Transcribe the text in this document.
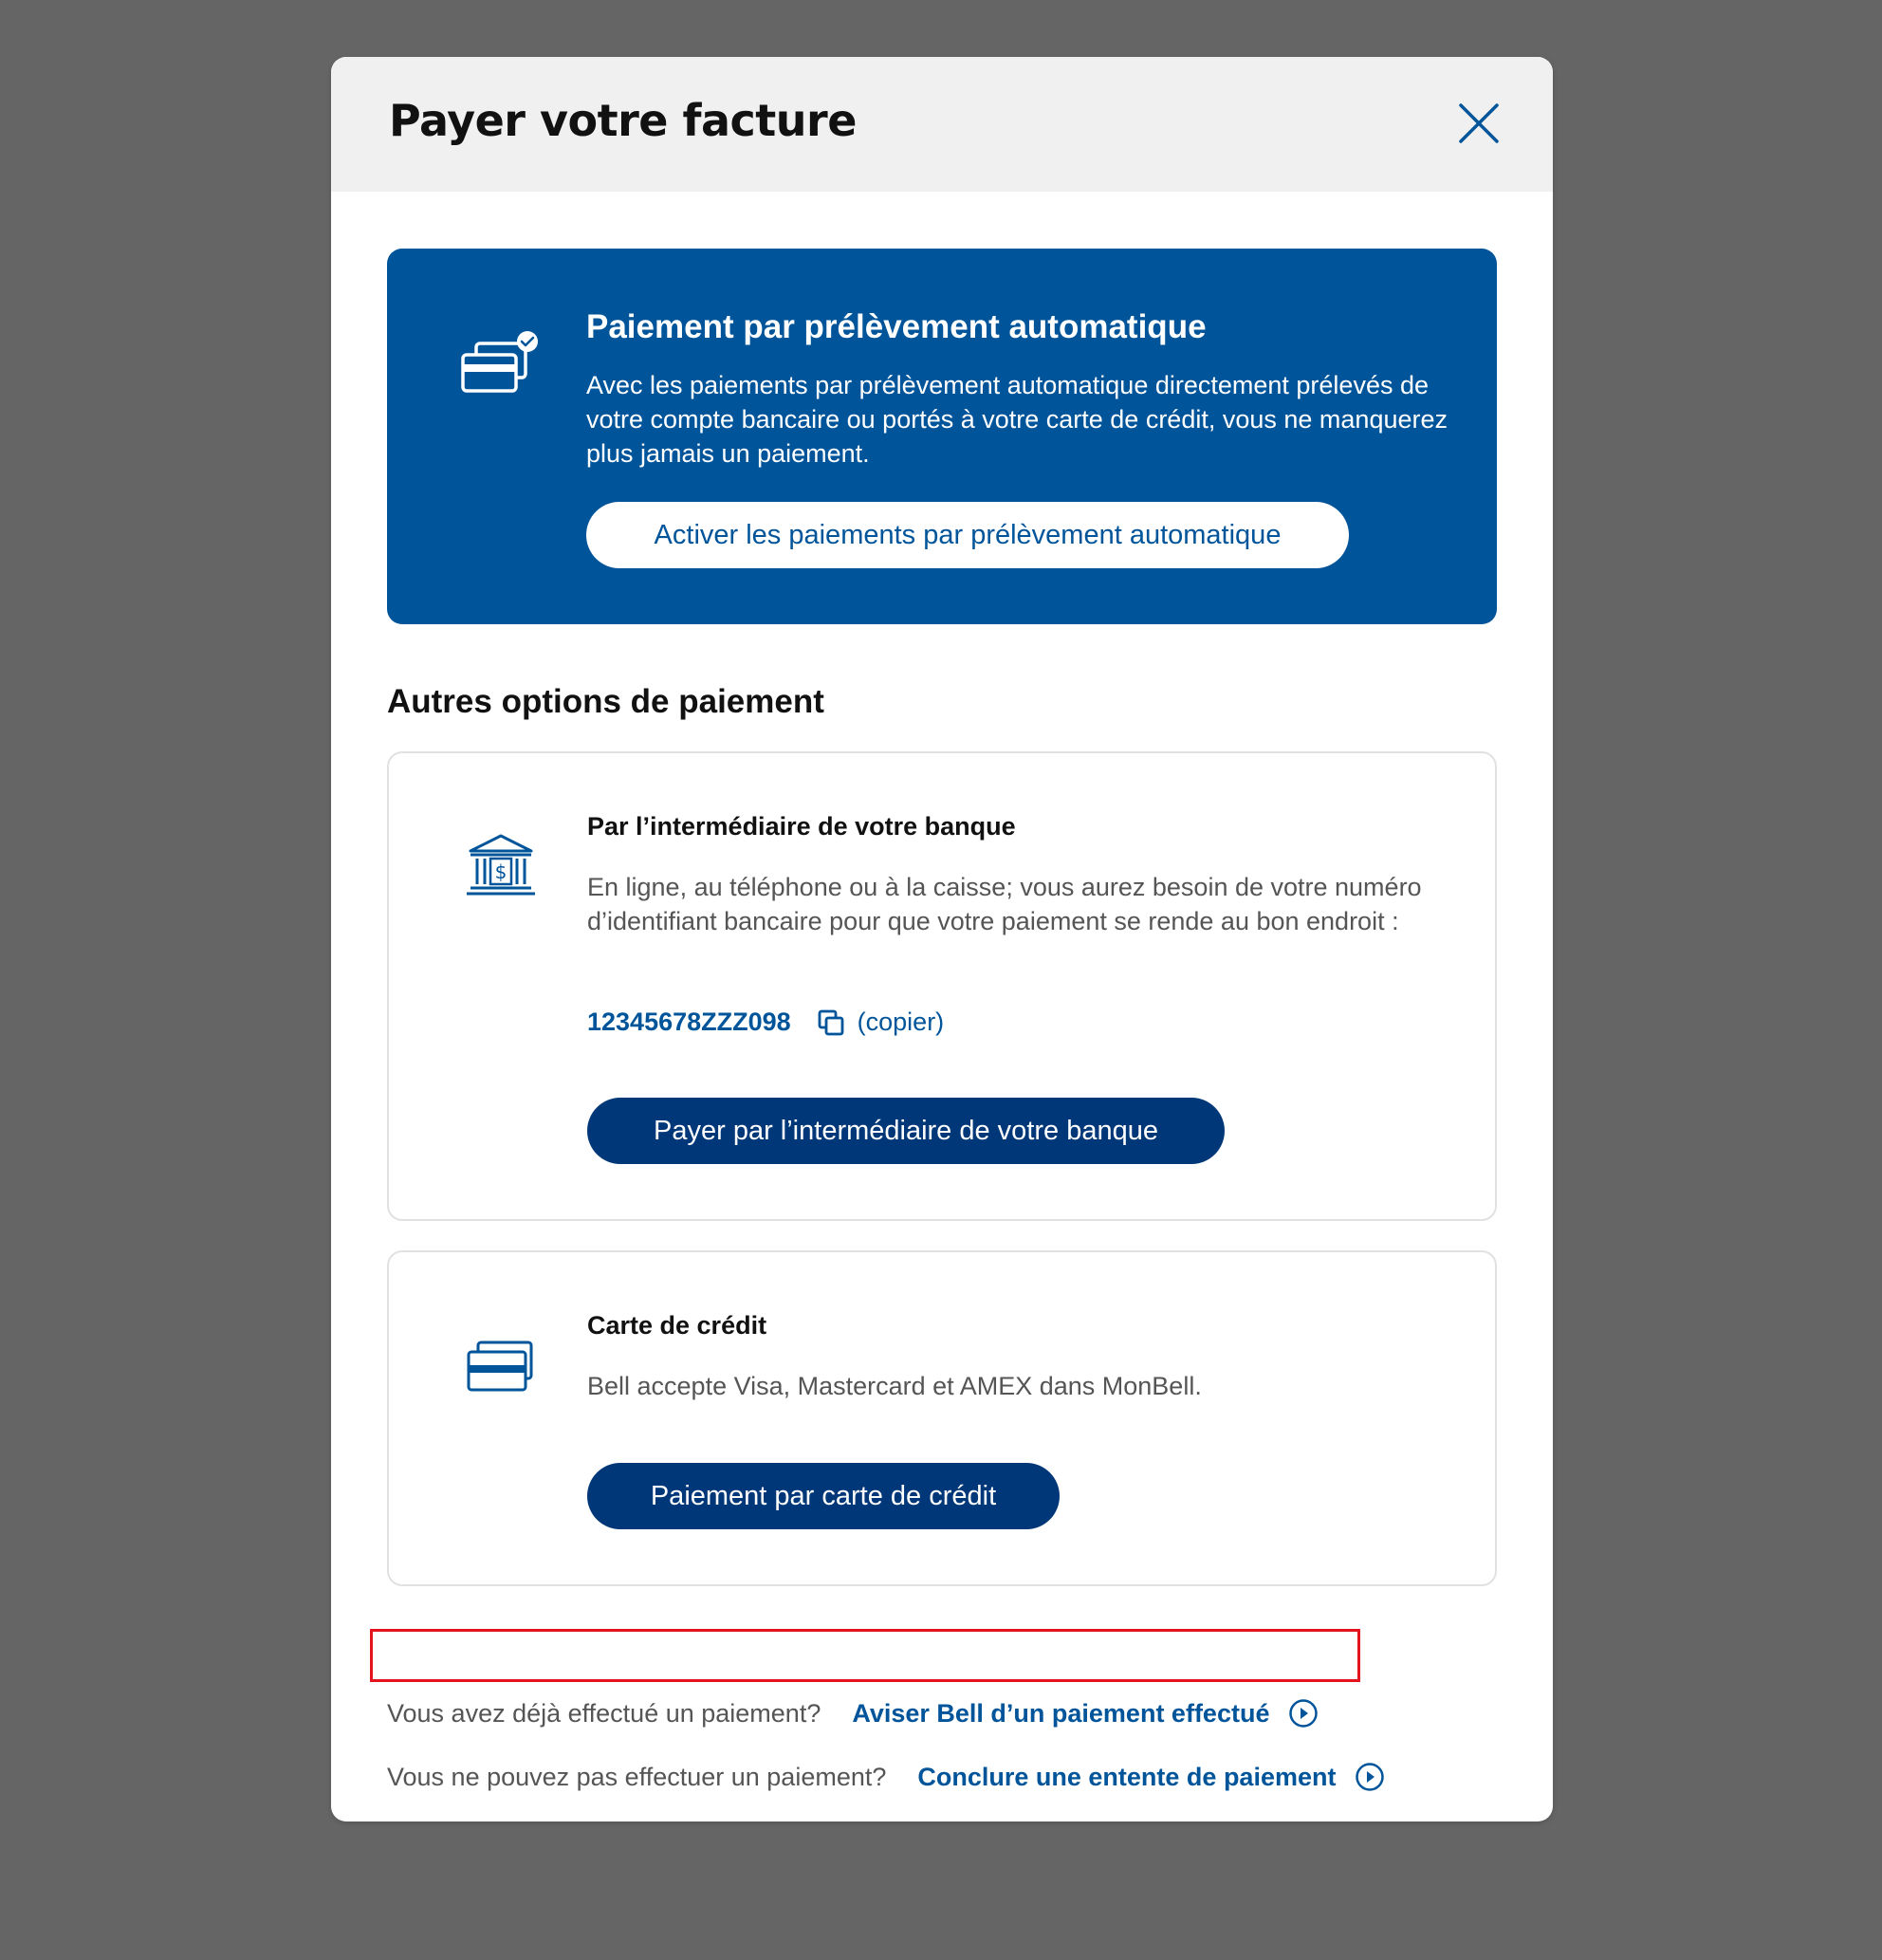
Payer votre facture
Paiement par prélèvement automatique
Avec les paiements par prélèvement automatique directement prélevés de votre compte bancaire ou portés à votre carte de crédit, vous ne manquerez plus jamais un paiement.
Activer les paiements par prélèvement automatique
Autres options de paiement
$
Par l’intermédiaire de votre banque
En ligne, au téléphone ou à la caisse; vous aurez besoin de votre numéro d’identifiant bancaire pour que votre paiement se rende au bon endroit :
12345678ZZZ098	(copier)
Payer par l’intermédiaire de votre banque
Carte de crédit
Bell accepte Visa, Mastercard et AMEX dans MonBell.
Paiement par carte de crédit
Vous avez déjà effectué un paiement? Aviser Bell d’un paiement effectué
Vous ne pouvez pas effectuer un paiement? Conclure une entente de paiement
